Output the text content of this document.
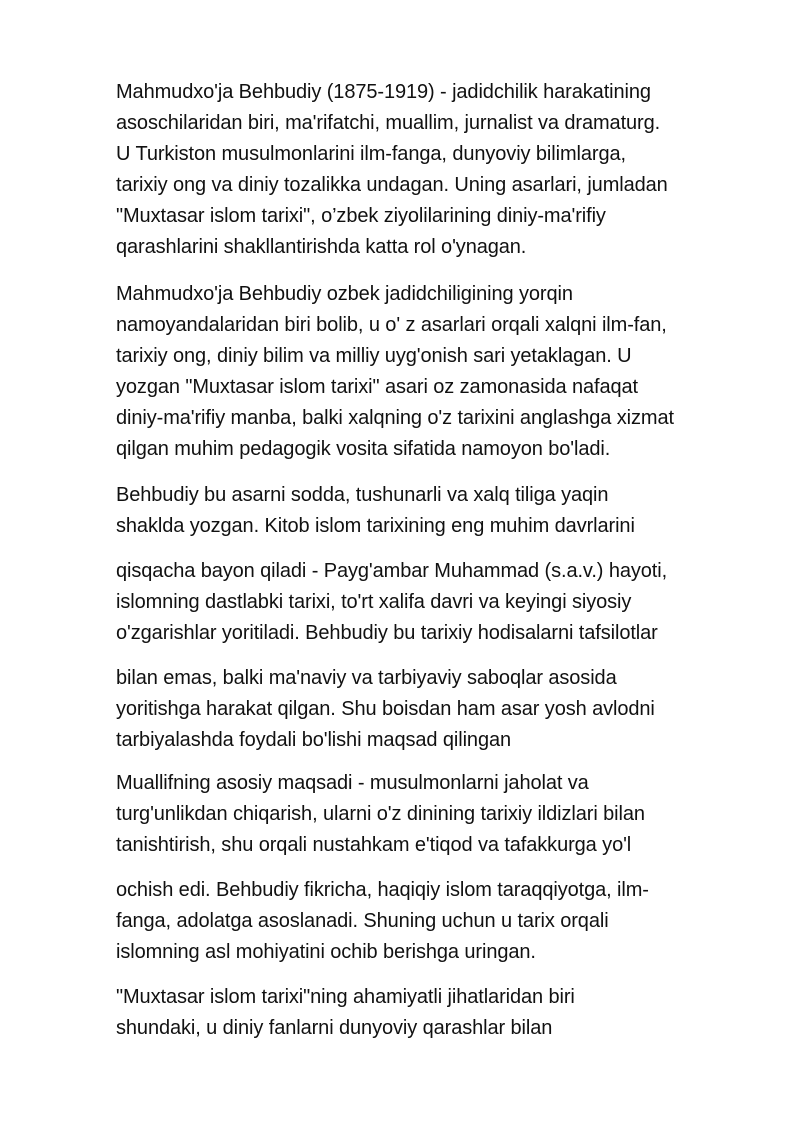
Mahmudxo'ja Behbudiy (1875-1919) - jadidchilik harakatining

asoschilaridan biri, ma'rifatchi, muallim, jurnalist va dramaturg.

U Turkiston musulmonlarini ilm-fanga, dunyoviy bilimlarga,

tarixiy ong va diniy tozalikka undagan. Uning asarlari, jumladan

"Muxtasar islom tarixi", o’zbek ziyolilarining diniy-ma'rifiy

qarashlarini shakllantirishda katta rol o'ynagan.

Mahmudxo'ja Behbudiy ozbek jadidchiligining yorqin

namoyandalaridan biri bolib, u o' z asarlari orqali xalqni ilm-fan,

tarixiy ong, diniy bilim va milliy uyg'onish sari yetaklagan. U

yozgan "Muxtasar islom tarixi" asari oz zamonasida nafaqat

diniy-ma'rifiy manba, balki xalqning o'z tarixini anglashga xizmat

qilgan muhim pedagogik vosita sifatida namoyon bo'ladi.

Behbudiy bu asarni sodda, tushunarli va xalq tiliga yaqin

shaklda yozgan. Kitob islom tarixining eng muhim davrlarini

qisqacha bayon qiladi - Payg'ambar Muhammad (s.a.v.) hayoti,

islomning dastlabki tarixi, to'rt xalifa davri va keyingi siyosiy

o'zgarishlar yoritiladi. Behbudiy bu tarixiy hodisalarni tafsilotlar

bilan emas, balki ma'naviy va tarbiyaviy saboqlar asosida

yoritishga harakat qilgan. Shu boisdan ham asar yosh avlodni

tarbiyalashda foydali bo'lishi maqsad qilingan

Muallifning asosiy maqsadi - musulmonlarni jaholat va

turg'unlikdan chiqarish, ularni o'z dinining tarixiy ildizlari bilan

tanishtirish, shu orqali nustahkam e'tiqod va tafakkurga yo'l

ochish edi. Behbudiy fikricha, haqiqiy islom taraqqiyotga, ilm-

fanga, adolatga asoslanadi. Shuning uchun u tarix orqali

islomning asl mohiyatini ochib berishga uringan.

"Muxtasar islom tarixi"ning ahamiyatli jihatlaridan biri

shundaki, u diniy fanlarni dunyoviy qarashlar bilan
